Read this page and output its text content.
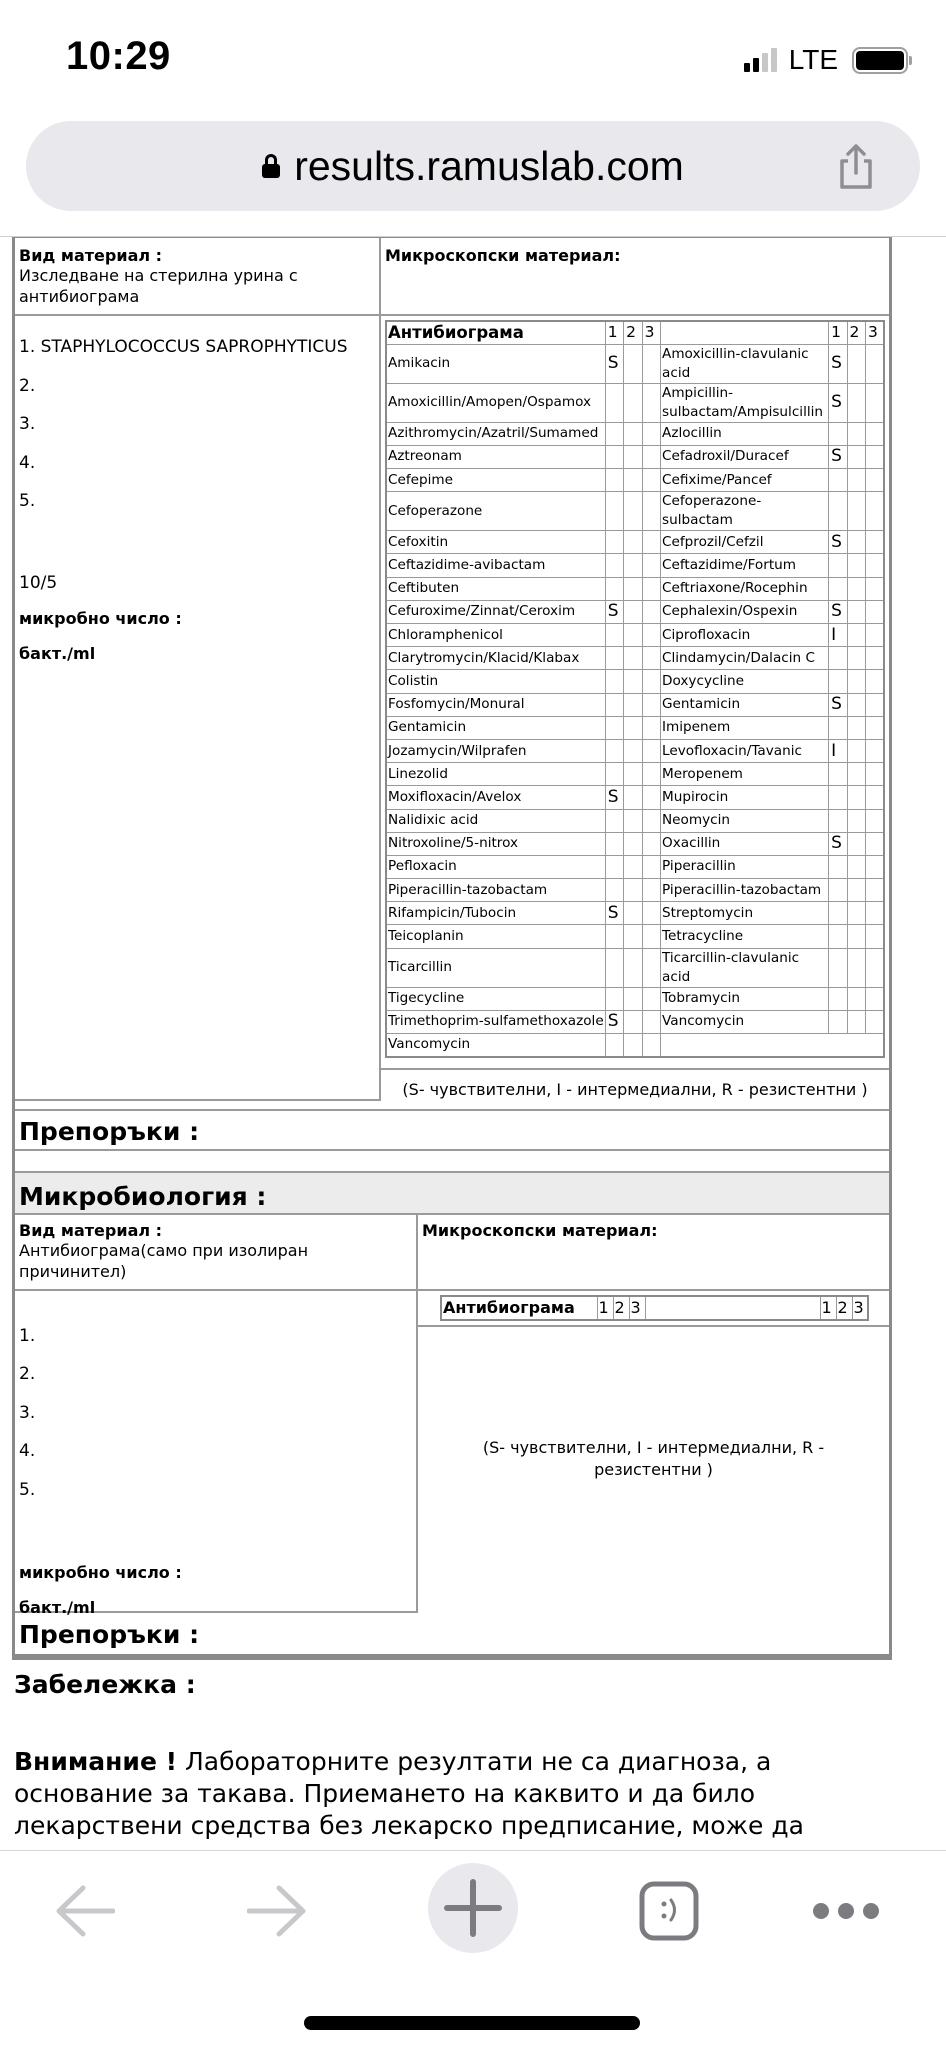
10:29	LTE
results.ramuslab.com
Вид материал :
Изследване на стерилна урина с антибиограма
Микроскопски материал:
1. STAPHYLOCOCCUS SAPROPHYTICUS
2.
3.
4.
5.
10/5
микробно число :
бакт./ml
Антибиограма	1	2	3		1	2	3
Amikacin	S			Amoxicillin-clavulanic acid	S		
Amoxicillin/Amopen/Ospamox				Ampicillin-sulbactam/Ampisulcillin	S		
Azithromycin/Azatril/Sumamed				Azlocillin			
Aztreonam				Cefadroxil/Duracef	S		
Cefepime				Cefixime/Pancef			
Cefoperazone				Cefoperazone-sulbactam			
Cefoxitin				Cefprozil/Cefzil	S		
Ceftazidime-avibactam				Ceftazidime/Fortum			
Ceftibuten				Ceftriaxone/Rocephin			
Cefuroxime/Zinnat/Ceroxim	S			Cephalexin/Ospexin	S		
Chloramphenicol				Ciprofloxacin	I		
Clarytromycin/Klacid/Klabax				Clindamycin/Dalacin C			
Colistin				Doxycycline			
Fosfomycin/Monural				Gentamicin	S		
Gentamicin				Imipenem			
Jozamycin/Wilprafen				Levofloxacin/Tavanic	I		
Linezolid				Meropenem			
Moxifloxacin/Avelox	S			Mupirocin			
Nalidixic acid				Neomycin			
Nitroxoline/5-nitrox				Oxacillin	S		
Pefloxacin				Piperacillin			
Piperacillin-tazobactam				Piperacillin-tazobactam			
Rifampicin/Tubocin	S			Streptomycin			
Teicoplanin				Tetracycline			
Ticarcillin				Ticarcillin-clavulanic acid			
Tigecycline				Tobramycin			
Trimethoprim-sulfamethoxazole	S			Vancomycin			
Vancomycin							
(S- чувствителни, I - интермедиални, R - резистентни )
Препоръки :
Микробиология :
Вид материал :
Антибиограма(само при изолиран причинител)
Микроскопски материал:
1.
2.
3.
4.
5.
микробно число :
бакт./ml
Антибиограма	1	2	3		1	2	3
(S- чувствителни, I - интермедиални, R - резистентни )
Препоръки :
Забележка :
Внимание ! Лабораторните резултати не са диагноза, а основание за такава. Приемането на каквито и да било лекарствени средства без лекарско предписание, може да
